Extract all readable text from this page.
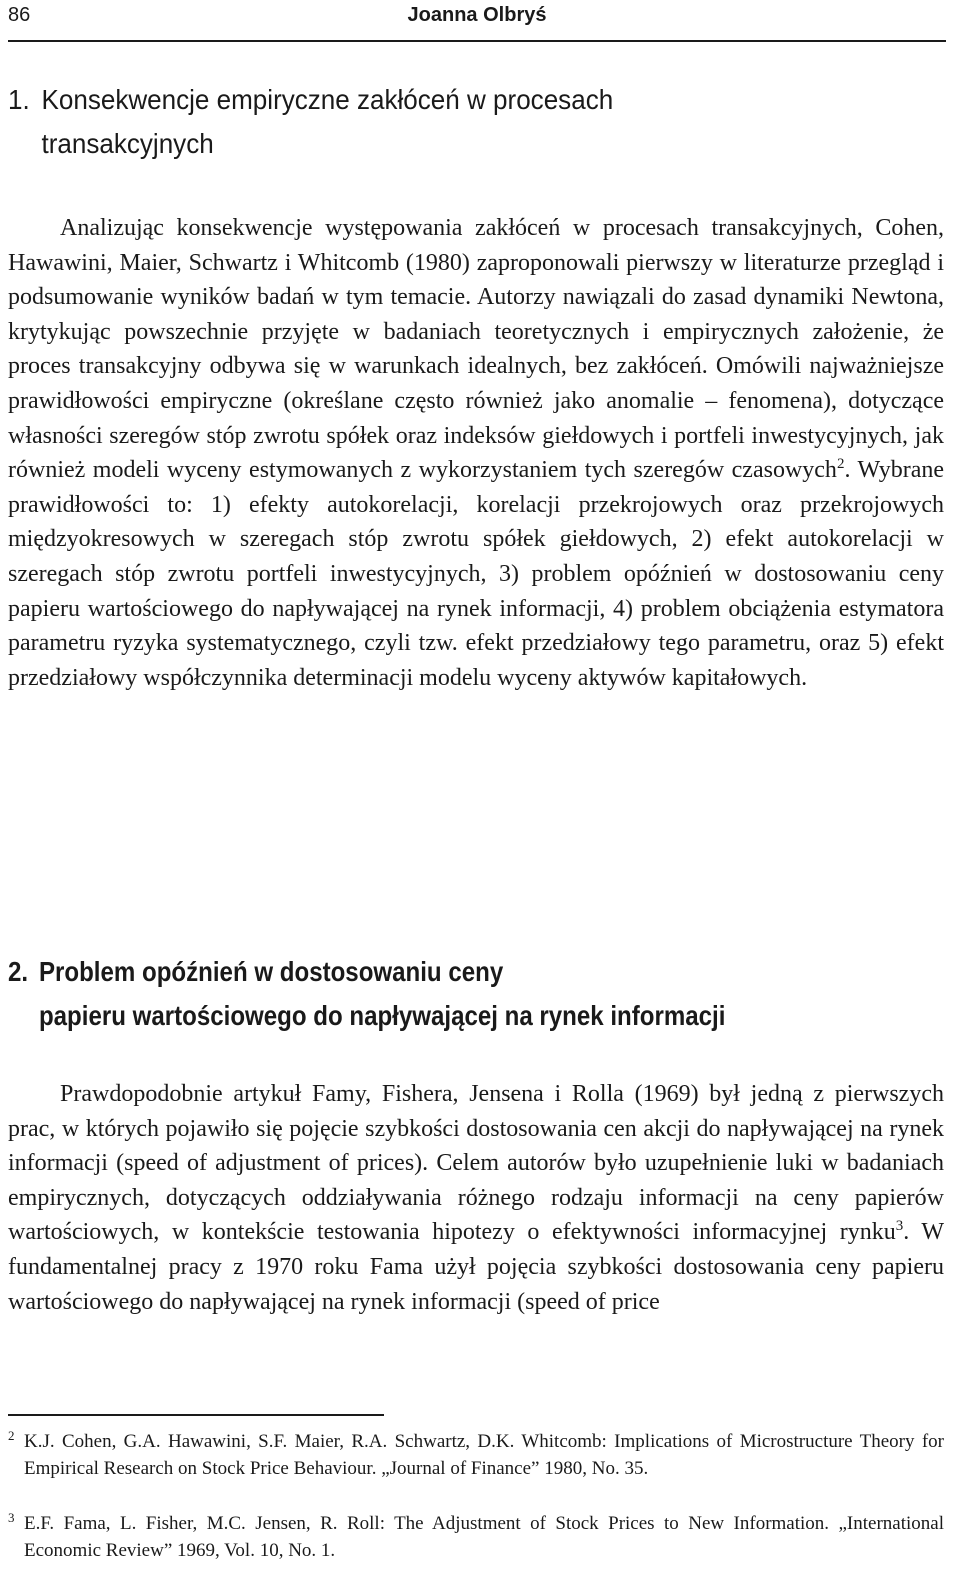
86	Joanna Olbryś
1. Konsekwencje empiryczne zakłóceń w procesach
transakcyjnych

Analizując konsekwencje występowania zakłóceń w procesach transakcyjnych, Cohen, Hawawini, Maier, Schwartz i Whitcomb (1980) zaproponowali pierwszy w literaturze przegląd i podsumowanie wyników badań w tym temacie. Autorzy nawiązali do zasad dynamiki Newtona, krytykując powszechnie przyjęte w badaniach teoretycznych i empirycznych założenie, że proces transakcyjny odbywa się w warunkach idealnych, bez zakłóceń. Omówili najważniejsze prawidłowości empiryczne (określane często również jako anomalie – fenomena), dotyczące własności szeregów stóp zwrotu spółek oraz indeksów giełdowych i portfeli inwestycyjnych, jak również modeli wyceny estymowanych z wykorzystaniem tych szeregów czasowych$^2$. Wybrane prawidłowości to: 1) efekty autokorelacji, korelacji przekrojowych oraz przekrojowych międzyokresowych w szeregach stóp zwrotu spółek giełdowych, 2) efekt autokorelacji w szeregach stóp zwrotu portfeli inwestycyjnych, 3) problem opóźnień w dostosowaniu ceny papieru wartościowego do napływającej na rynek informacji, 4) problem obciążenia estymatora parametru ryzyka systematycznego, czyli tzw. efekt przedziałowy tego parametru, oraz 5) efekt przedziałowy współczynnika determinacji modelu wyceny aktywów kapitałowych.

2. Problem opóźnień w dostosowaniu ceny
papieru wartościowego do napływającej na rynek informacji

Prawdopodobnie artykuł Famy, Fishera, Jensena i Rolla (1969) był jedną z pierwszych prac, w których pojawiło się pojęcie szybkości dostosowania cen akcji do napływającej na rynek informacji (speed of adjustment of prices). Celem autorów było uzupełnienie luki w badaniach empirycznych, dotyczących oddziaływania różnego rodzaju informacji na ceny papierów wartościowych, w kontekście testowania hipotezy o efektywności informacyjnej rynku$^3$. W fundamentalnej pracy z 1970 roku Fama użył pojęcia szybkości dostosowania ceny papieru wartościowego do napływającej na rynek informacji (speed of price

2 K.J. Cohen, G.A. Hawawini, S.F. Maier, R.A. Schwartz, D.K. Whitcomb: Implications of Microstructure Theory for Empirical Research on Stock Price Behaviour. „Journal of Finance” 1980, No. 35.
3 E.F. Fama, L. Fisher, M.C. Jensen, R. Roll: The Adjustment of Stock Prices to New Information. „International Economic Review” 1969, Vol. 10, No. 1.
